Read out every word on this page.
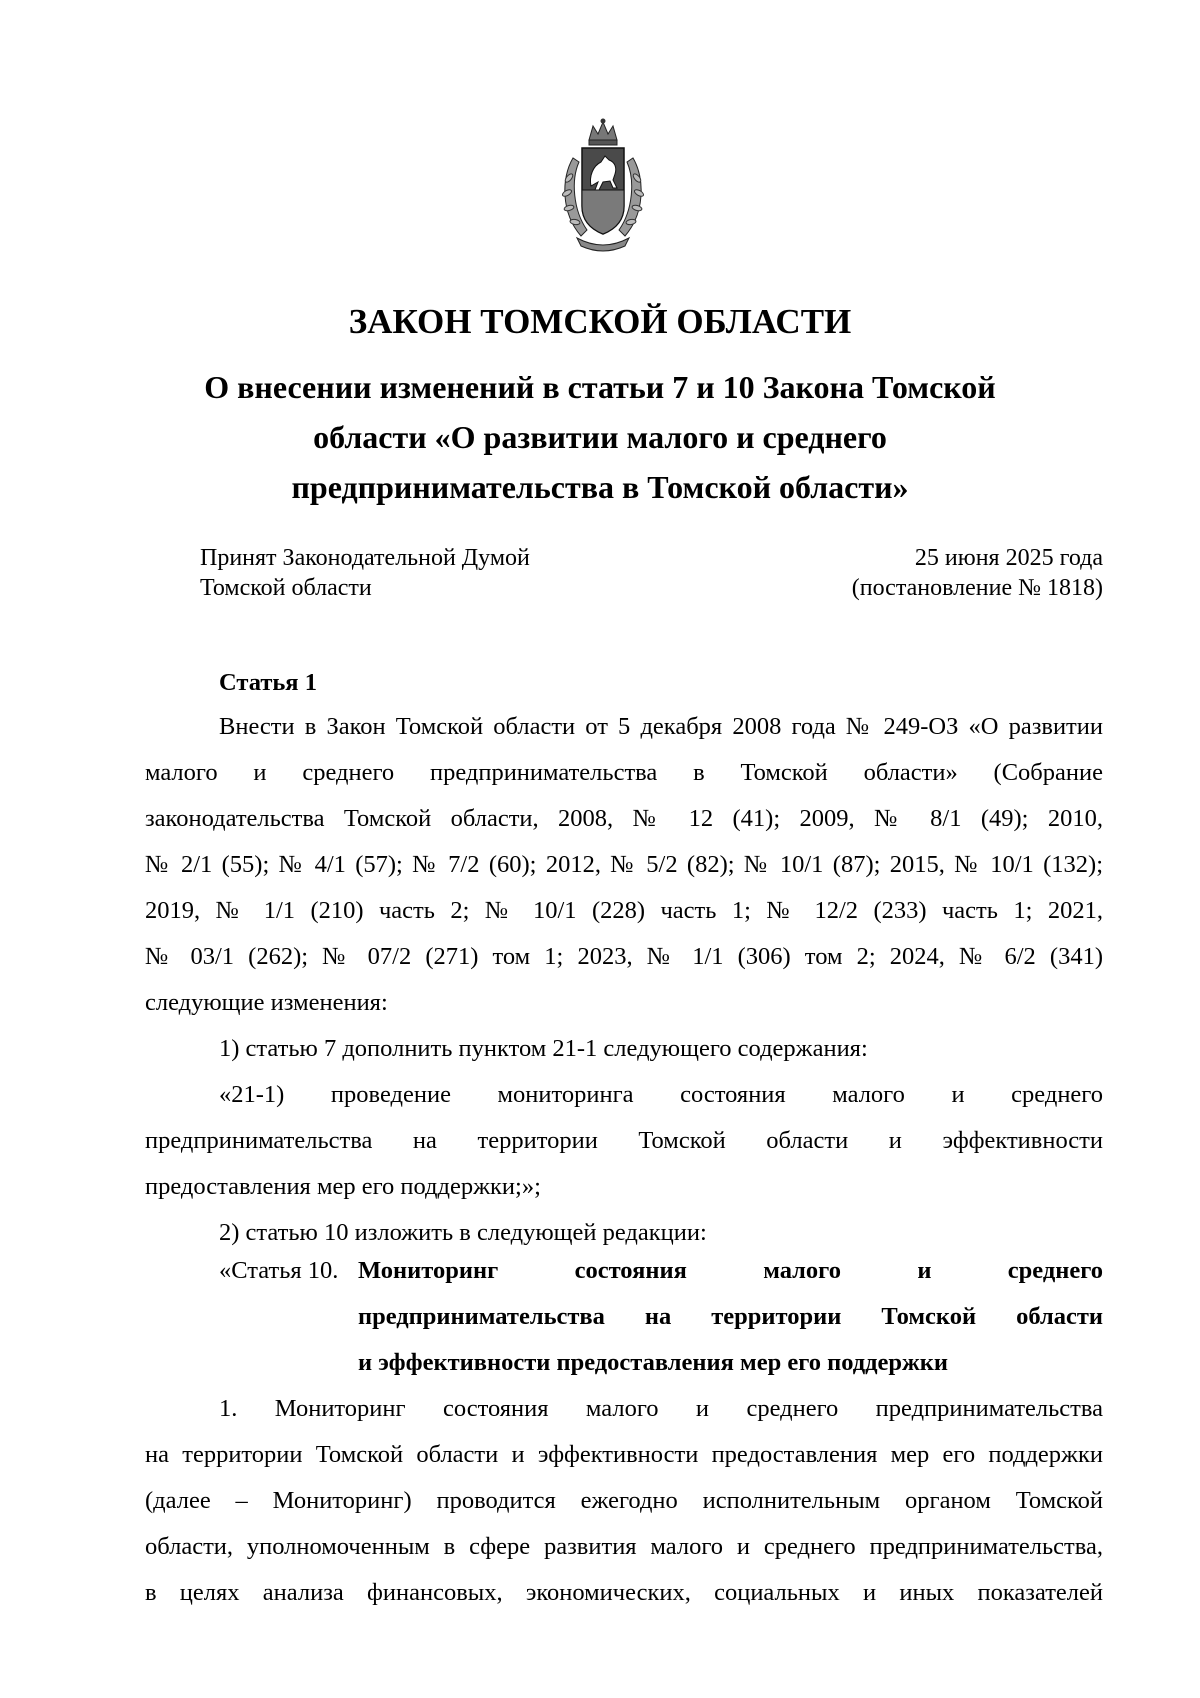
ЗАКОН ТОМСКОЙ ОБЛАСТИ
О внесении изменений в статьи 7 и 10 Закона Томской
области «О развитии малого и среднего
предпринимательства в Томской области»
Принят Законодательной Думой
Томской области
25 июня 2025 года
(постановление № 1818)
Статья 1
Внести в Закон Томской области от 5 декабря 2008 года № 249-ОЗ «О развитии
малого и среднего предпринимательства в Томской области» (Собрание
законодательства Томской области, 2008, № 12 (41); 2009, № 8/1 (49); 2010,
№ 2/1 (55); № 4/1 (57); № 7/2 (60); 2012, № 5/2 (82); № 10/1 (87); 2015, № 10/1 (132);
2019, № 1/1 (210) часть 2; № 10/1 (228) часть 1; № 12/2 (233) часть 1; 2021,
№ 03/1 (262); № 07/2 (271) том 1; 2023, № 1/1 (306) том 2; 2024, № 6/2 (341)
следующие изменения:
1) статью 7 дополнить пунктом 21-1 следующего содержания:
«21-1) проведение мониторинга состояния малого и среднего
предпринимательства на территории Томской области и эффективности
предоставления мер его поддержки;»;
2) статью 10 изложить в следующей редакции:
«Статья 10. Мониторинг состояния малого и среднего
предпринимательства на территории Томской области
и эффективности предоставления мер его поддержки
1. Мониторинг состояния малого и среднего предпринимательства
на территории Томской области и эффективности предоставления мер его поддержки
(далее – Мониторинг) проводится ежегодно исполнительным органом Томской
области, уполномоченным в сфере развития малого и среднего предпринимательства,
в целях анализа финансовых, экономических, социальных и иных показателей
